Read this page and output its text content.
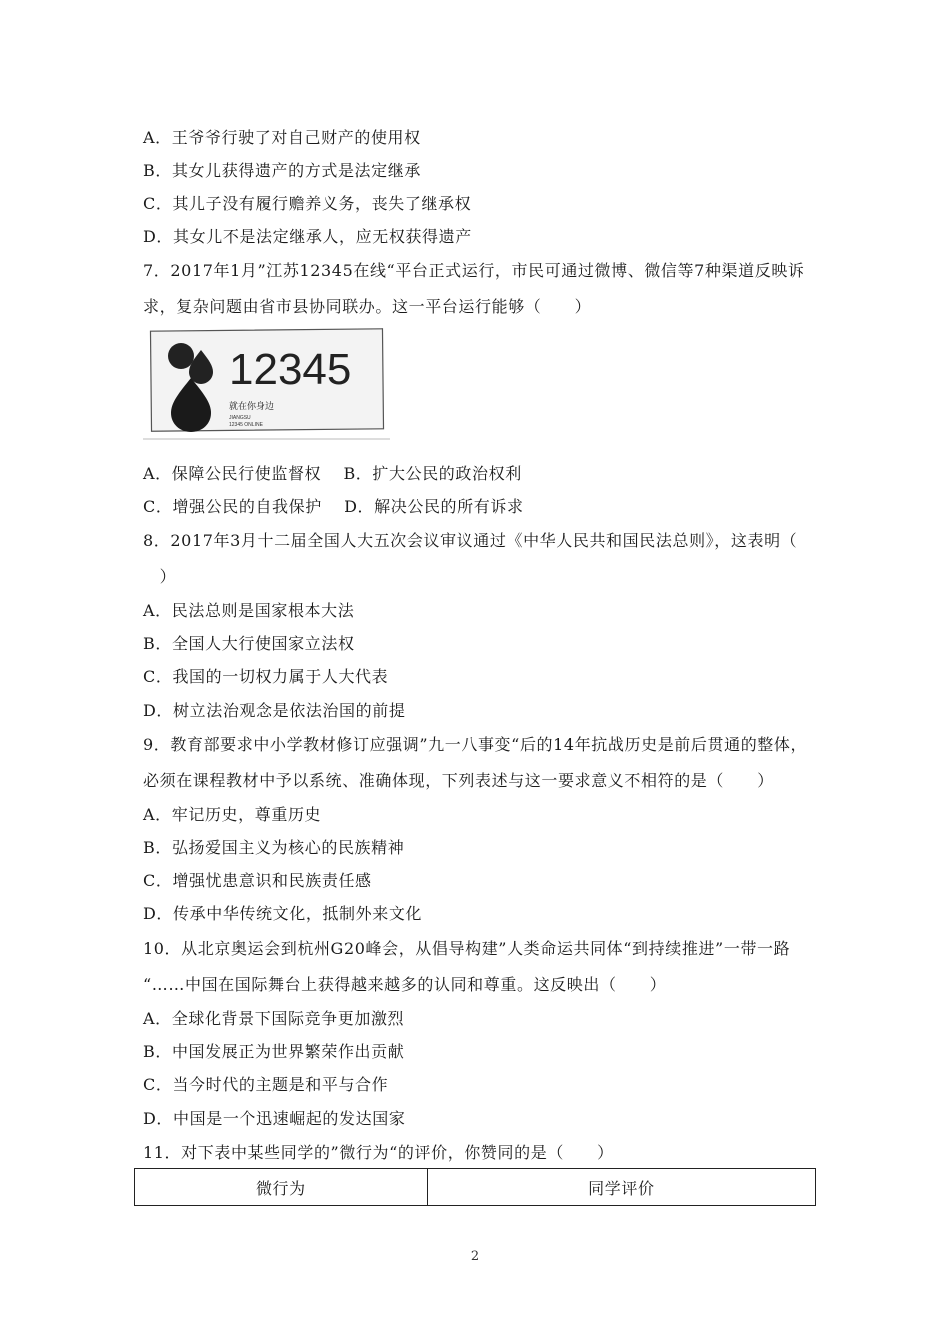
A．王爷爷行驶了对自己财产的使用权
B．其女儿获得遗产的方式是法定继承
C．其儿子没有履行赡养义务，丧失了继承权
D．其女儿不是法定继承人，应无权获得遗产
7．2017年1月”江苏12345在线“平台正式运行，市民可通过微博、微信等7种渠道反映诉
求，复杂问题由省市县协同联办。这一平台运行能够（　　）
12345
就在你身边
JIANGSU
12345 ONLINE
A．保障公民行使监督权　 B．扩大公民的政治权利
C．增强公民的自我保护　 D．解决公民的所有诉求
8．2017年3月十二届全国人大五次会议审议通过《中华人民共和国民法总则》，这表明（
　）
A．民法总则是国家根本大法
B．全国人大行使国家立法权
C．我国的一切权力属于人大代表
D．树立法治观念是依法治国的前提
9．教育部要求中小学教材修订应强调”九一八事变“后的14年抗战历史是前后贯通的整体，
必须在课程教材中予以系统、准确体现，下列表述与这一要求意义不相符的是（　　）
A．牢记历史，尊重历史
B．弘扬爱国主义为核心的民族精神
C．增强忧患意识和民族责任感
D．传承中华传统文化，抵制外来文化
10．从北京奥运会到杭州G20峰会，从倡导构建”人类命运共同体“到持续推进”一带一路
“……中国在国际舞台上获得越来越多的认同和尊重。这反映出（　　）
A．全球化背景下国际竞争更加激烈
B．中国发展正为世界繁荣作出贡献
C．当今时代的主题是和平与合作
D．中国是一个迅速崛起的发达国家
11．对下表中某些同学的”微行为“的评价，你赞同的是（　　）
微行为	同学评价
2
